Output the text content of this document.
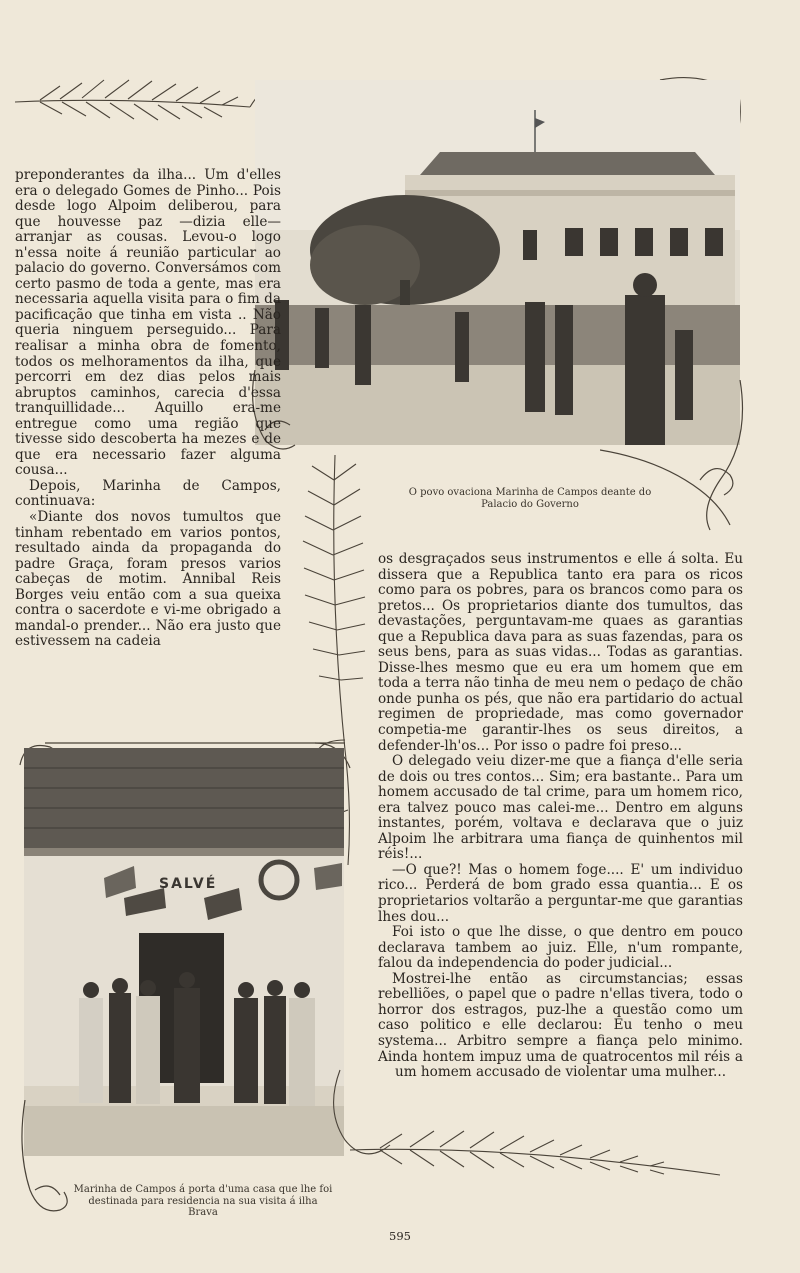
O povo ovaciona Marinha de Campos deante do Palacio do Governo

preponderantes da ilha... Um d'elles era o delegado Gomes de Pinho... Pois desde logo Alpoim deliberou, para que houvesse paz —dizia elle—arranjar as cousas. Levou-o logo n'essa noite á reunião particular ao palacio do governo. Conversámos com certo pasmo de toda a gente, mas era necessaria aquella visita para o fim da pacificação que tinha em vista .. Não queria ninguem perseguido... Para realisar a minha obra de fomento, todos os melhoramentos da ilha, que percorri em dez dias pelos mais abruptos caminhos, carecia d'essa tranquillidade... Aquillo era-me entregue como uma região que tivesse sido descoberta ha mezes e de que era necessario fazer alguma cousa...

Depois, Marinha de Campos, continuava:

«Diante dos novos tumultos que tinham rebentado em varios pontos, resultado ainda da propaganda do padre Graça, foram presos varios cabeças de motim. Annibal Reis Borges veiu então com a sua queixa contra o sacerdote e vi-me obrigado a mandal-o prender... Não era justo que estivessem na cadeia

os desgraçados seus instrumentos e elle á solta. Eu dissera que a Republica tanto era para os ricos como para os pobres, para os brancos como para os pretos... Os proprietarios diante dos tumultos, das devastações, perguntavam-me quaes as garantias que a Republica dava para as suas fazendas, para os seus bens, para as suas vidas... Todas as garantias. Disse-lhes mesmo que eu era um homem que em toda a terra não tinha de meu nem o pedaço de chão onde punha os pés, que não era partidario do actual regimen de propriedade, mas como governador competia-me garantir-lhes os seus direitos, a defender-lh'os... Por isso o padre foi preso...

O delegado veiu dizer-me que a fiança d'elle seria de dois ou tres contos... Sim; era bastante.. Para um homem accusado de tal crime, para um homem rico, era talvez pouco mas calei-me... Dentro em alguns instantes, porém, voltava e declarava que o juiz Alpoim lhe arbitrara uma fiança de quinhentos mil réis!...

—O que?! Mas o homem foge.... E' um individuo rico... Perderá de bom grado essa quantia... E os proprietarios voltarão a perguntar-me que garantias lhes dou...

Foi isto o que lhe disse, o que dentro em pouco declarava tambem ao juiz. Elle, n'um rompante, falou da independencia do poder judicial...

Mostrei-lhe então as circumstancias; essas rebelliões, o papel que o padre n'ellas tivera, todo o horror dos estragos, puz-lhe a questão como um caso politico e elle declarou: Eu tenho o meu systema... Arbitro sempre a fiança pelo minimo. Ainda hontem impuz uma de quatrocentos mil réis a um homem accusado de violentar uma mulher...

SALVÉ
Marinha de Campos á porta d'uma casa que lhe foi destinada para residencia na sua visita á ilha Brava
595
